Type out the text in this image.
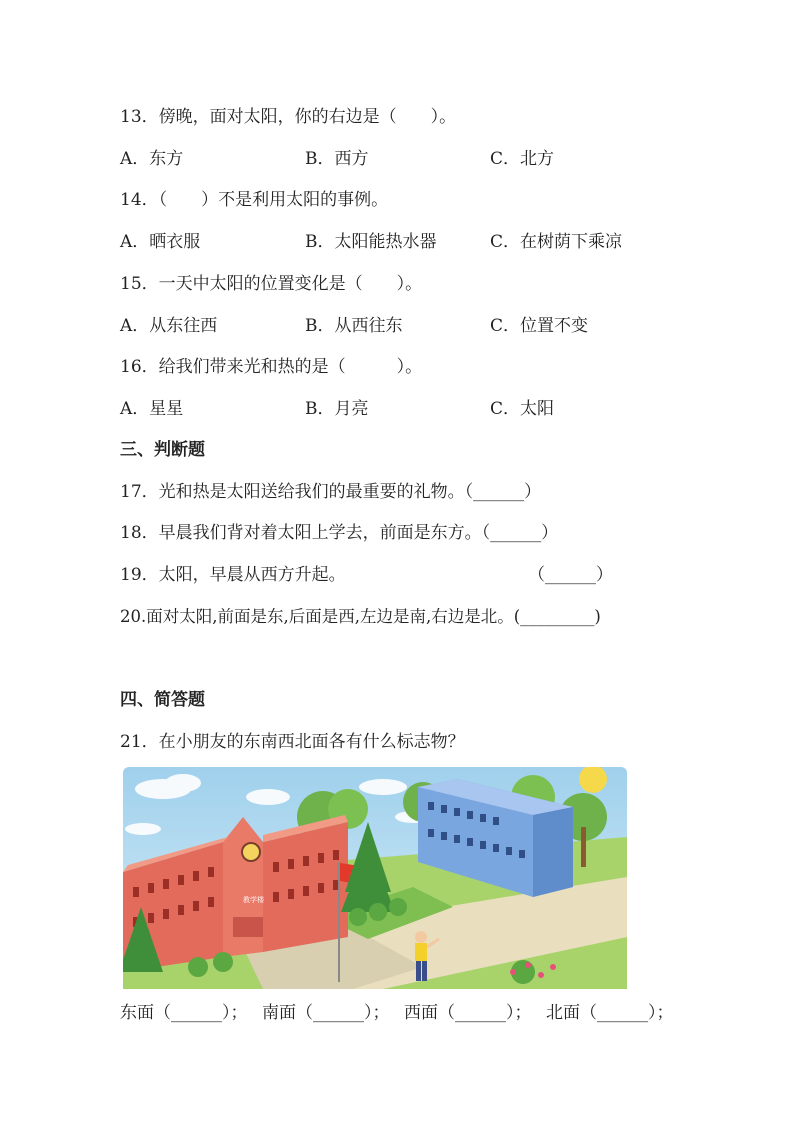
13．傍晚，面对太阳，你的右边是（　　）。
A．东方	B．西方	C．北方
14．（　　）不是利用太阳的事例。
A．晒衣服	B．太阳能热水器	C．在树荫下乘凉
15．一天中太阳的位置变化是（　　）。
A．从东往西	B．从西往东	C．位置不变
16．给我们带来光和热的是（　　　）。
A．星星	B．月亮	C．太阳
三、判断题
17．光和热是太阳送给我们的最重要的礼物。（______）
18．早晨我们背对着太阳上学去，前面是东方。（______）
19．太阳，早晨从西方升起。	（______）
20.面对太阳,前面是东,后面是西,左边是南,右边是北。(_________)
四、简答题
21．在小朋友的东南西北面各有什么标志物？
教学楼
东面（______）； 南面（______）； 西面（______）； 北面（______）；
